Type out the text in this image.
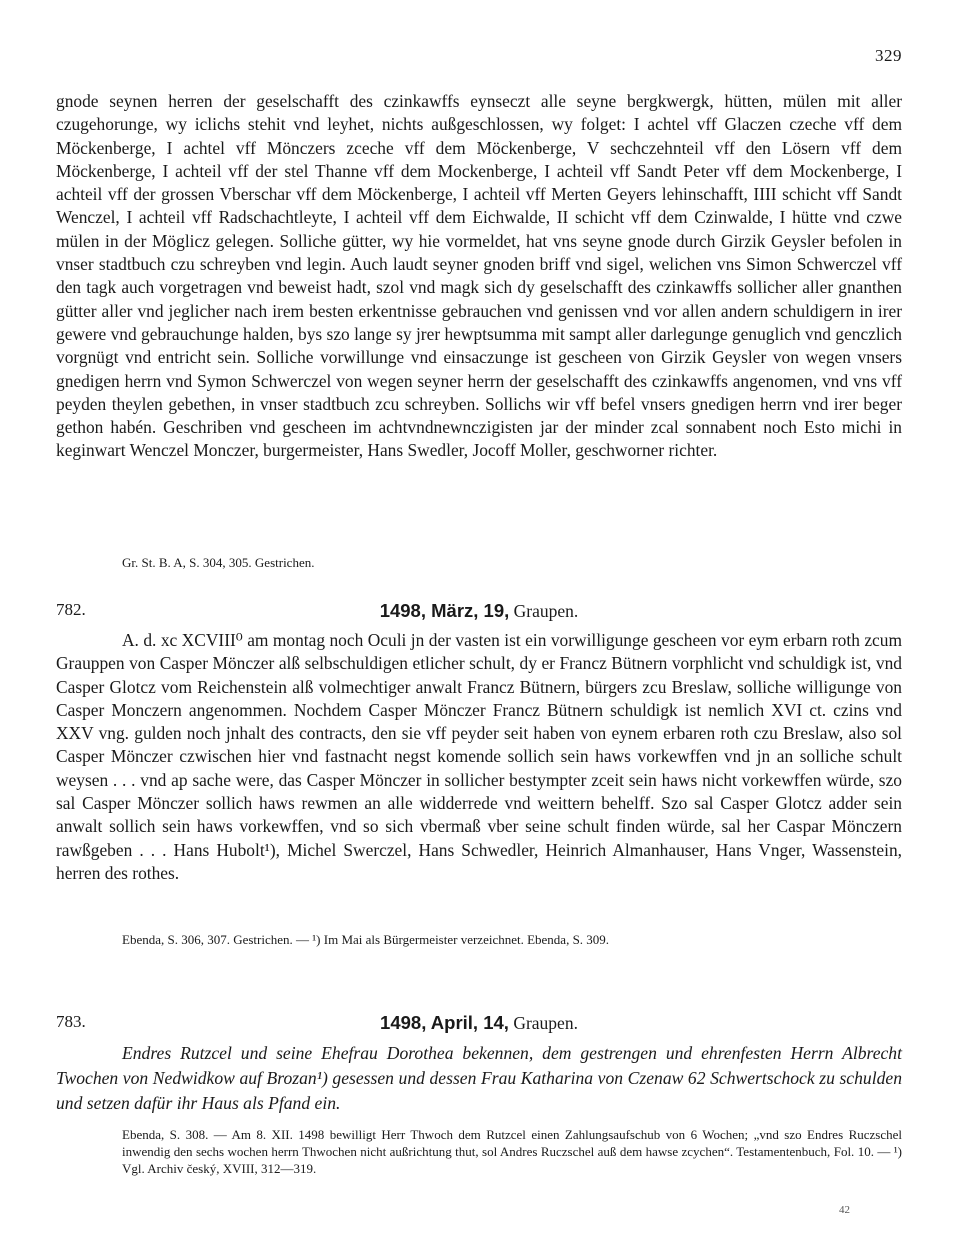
329

gnode seynen herren der geselschafft des czinkawffs eynseczt alle seyne bergkwergk, hütten, mülen mit aller czugehorunge, wy iclichs stehit vnd leyhet, nichts außgeschlossen, wy folget: I achtel vff Glaczen czeche vff dem Möckenberge, I achtel vff Mönczers zceche vff dem Möckenberge, V sechczehnteil vff den Lösern vff dem Möckenberge, I achteil vff der stel Thanne vff dem Mockenberge, I achteil vff Sandt Peter vff dem Mockenberge, I achteil vff der grossen Vberschar vff dem Möckenberge, I achteil vff Merten Geyers lehinschafft, IIII schicht vff Sandt Wenczel, I achteil vff Radschachtleyte, I achteil vff dem Eichwalde, II schicht vff dem Czinwalde, I hütte vnd czwe mülen in der Möglicz gelegen. Solliche gütter, wy hie vormeldet, hat vns seyne gnode durch Girzik Geysler befolen in vnser stadtbuch czu schreyben vnd legin. Auch laudt seyner gnoden briff vnd sigel, welichen vns Simon Schwerczel vff den tagk auch vorgetragen vnd beweist hadt, szol vnd magk sich dy geselschafft des czinkawffs sollicher aller gnanthen gütter aller vnd jeglicher nach irem besten erkentnisse gebrauchen vnd genissen vnd vor allen andern schuldigern in irer gewere vnd gebrauchunge halden, bys szo lange sy jrer hewptsumma mit sampt aller darlegunge genuglich vnd genczlich vorgnügt vnd entricht sein. Solliche vorwillunge vnd einsaczunge ist gescheen von Girzik Geysler von wegen vnsers gnedigen herrn vnd Symon Schwerczel von wegen seyner herrn der geselschafft des czinkawffs angenomen, vnd vns vff peyden theylen gebethen, in vnser stadtbuch zcu schreyben. Sollichs wir vff befel vnsers gnedigen herrn vnd irer beger gethon habén. Geschriben vnd gescheen im achtvndnewnczigisten jar der minder zcal sonnabent noch Esto michi in keginwart Wenczel Monczer, burgermeister, Hans Swedler, Jocoff Moller, geschworner richter.

Gr. St. B. A, S. 304, 305. Gestrichen.

782.	1498, März, 19, Graupen.

A. d. xc XCVIII⁰ am montag noch Oculi jn der vasten ist ein vorwilligunge gescheen vor eym erbarn roth zcum Grauppen von Casper Mönczer alß selbschuldigen etlicher schult, dy er Francz Bütnern vorphlicht vnd schuldigk ist, vnd Casper Glotcz vom Reichenstein alß volmechtiger anwalt Francz Bütnern, bürgers zcu Breslaw, solliche willigunge von Casper Monczern angenommen. Nochdem Casper Mönczer Francz Bütnern schuldigk ist nemlich XVI ct. czins vnd XXV vng. gulden noch jnhalt des contracts, den sie vff peyder seit haben von eynem erbaren roth czu Breslaw, also sol Casper Mönczer czwischen hier vnd fastnacht negst komende sollich sein haws vorkewffen vnd jn an solliche schult weysen . . . vnd ap sache were, das Casper Mönczer in sollicher bestympter zceit sein haws nicht vorkewffen würde, szo sal Casper Mönczer sollich haws rewmen an alle widderrede vnd weittern behelff. Szo sal Casper Glotcz adder sein anwalt sollich sein haws vorkewffen, vnd so sich vbermaß vber seine schult finden würde, sal her Caspar Mönczern rawßgeben . . . Hans Hubolt¹), Michel Swerczel, Hans Schwedler, Heinrich Almanhauser, Hans Vnger, Wassenstein, herren des rothes.

Ebenda, S. 306, 307. Gestrichen. — ¹) Im Mai als Bürgermeister verzeichnet. Ebenda, S. 309.

783.	1498, April, 14, Graupen.

Endres Rutzcel und seine Ehefrau Dorothea bekennen, dem gestrengen und ehrenfesten Herrn Albrecht Twochen von Nedwidkow auf Brozan¹) gesessen und dessen Frau Katharina von Czenaw 62 Schwertschock zu schulden und setzen dafür ihr Haus als Pfand ein.

Ebenda, S. 308. — Am 8. XII. 1498 bewilligt Herr Thwoch dem Rutzcel einen Zahlungsaufschub von 6 Wochen; „vnd szo Endres Ruczschel inwendig den sechs wochen herrn Thwochen nicht außrichtung thut, sol Andres Ruczschel auß dem hawse zcychen“. Testamentenbuch, Fol. 10. — ¹) Vgl. Archiv český, XVIII, 312—319.

42
